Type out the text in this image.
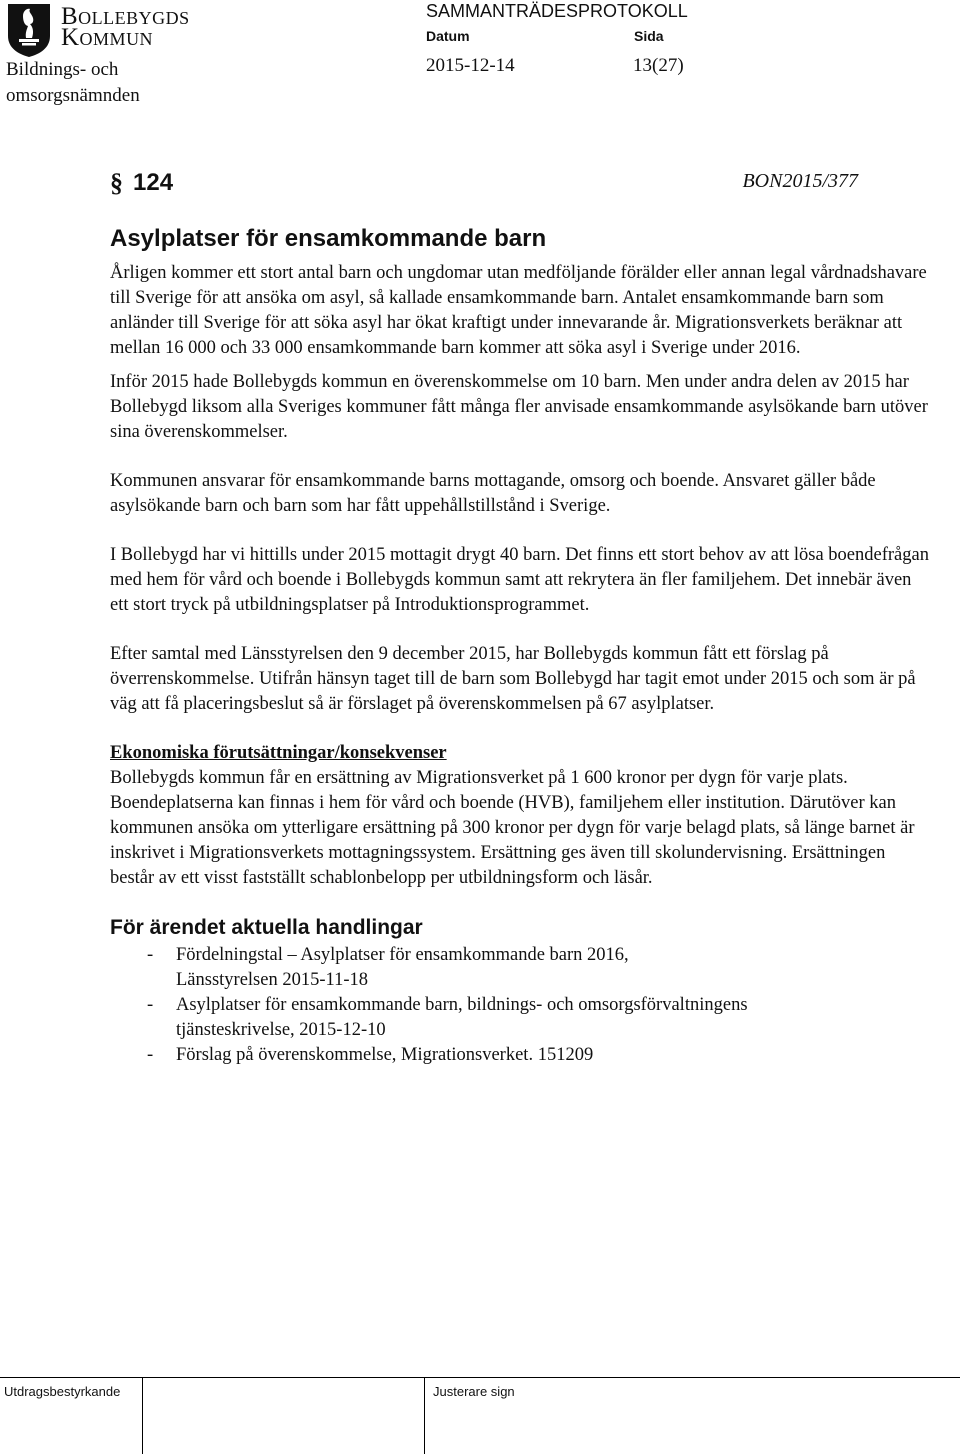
Bollebygds
Kommun
Bildnings- och
omsorgsnämnden
SAMMANTRÄDESPROTOKOLL
Datum	Sida
2015-12-14	13(27)
§ 124	BON2015/377
Asylplatser för ensamkommande barn

Årligen kommer ett stort antal barn och ungdomar utan medföljande förälder eller annan legal vårdnadshavare till Sverige för att ansöka om asyl, så kallade ensamkommande barn. Antalet ensamkommande barn som anländer till Sverige för att söka asyl har ökat kraftigt under innevarande år. Migrationsverkets beräknar att mellan 16 000 och 33 000 ensamkommande barn kommer att söka asyl i Sverige under 2016.

Inför 2015 hade Bollebygds kommun en överenskommelse om 10 barn. Men under andra delen av 2015 har Bollebygd liksom alla Sveriges kommuner fått många fler anvisade ensamkommande asylsökande barn utöver sina överenskommelser.

Kommunen ansvarar för ensamkommande barns mottagande, omsorg och boende. Ansvaret gäller både asylsökande barn och barn som har fått uppehållstillstånd i Sverige.

I Bollebygd har vi hittills under 2015 mottagit drygt 40 barn. Det finns ett stort behov av att lösa boendefrågan med hem för vård och boende i Bollebygds kommun samt att rekrytera än fler familjehem. Det innebär även ett stort tryck på utbildningsplatser på Introduktionsprogrammet.

Efter samtal med Länsstyrelsen den 9 december 2015, har Bollebygds kommun fått ett förslag på överrenskommelse. Utifrån hänsyn taget till de barn som Bollebygd har tagit emot under 2015 och som är på väg att få placeringsbeslut så är förslaget på överenskommelsen på 67 asylplatser.

Ekonomiska förutsättningar/konsekvenser

Bollebygds kommun får en ersättning av Migrationsverket på 1 600 kronor per dygn för varje plats. Boendeplatserna kan finnas i hem för vård och boende (HVB), familjehem eller institution. Därutöver kan kommunen ansöka om ytterligare ersättning på 300 kronor per dygn för varje belagd plats, så länge barnet är inskrivet i Migrationsverkets mottagningssystem. Ersättning ges även till skolundervisning. Ersättningen består av ett visst fastställt schablonbelopp per utbildningsform och läsår.

För ärendet aktuella handlingar

- Fördelningstal – Asylplatser för ensamkommande barn 2016,
Länsstyrelsen 2015-11-18
- Asylplatser för ensamkommande barn, bildnings- och omsorgsförvaltningens
tjänsteskrivelse, 2015-12-10
- Förslag på överenskommelse, Migrationsverket. 151209
Utdragsbestyrkande	Justerare sign
